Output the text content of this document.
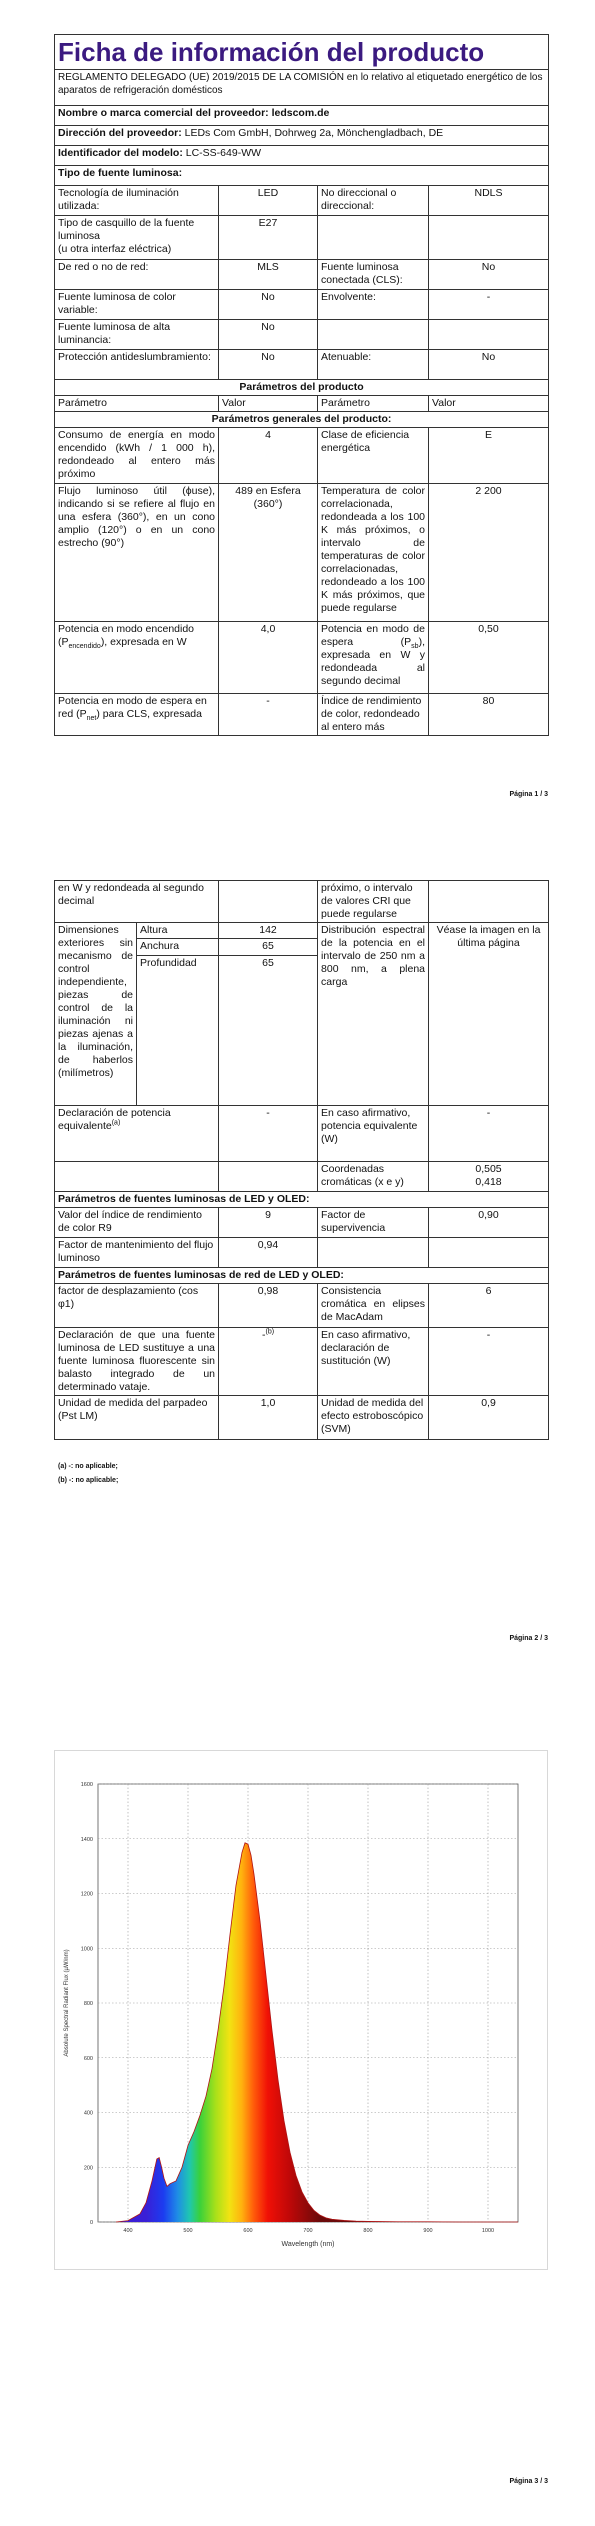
Ficha de información del producto			
REGLAMENTO DELEGADO (UE) 2019/2015 DE LA COMISIÓN en lo relativo al etiquetado energético de los aparatos de refrigeración domésticos			
Nombre o marca comercial del proveedor: ledscom.de			
Dirección del proveedor: LEDs Com GmbH, Dohrweg 2a, Mönchengladbach, DE			
Identificador del modelo: LC-SS-649-WW			
Tipo de fuente luminosa:			
Tecnología de iluminación utilizada:	LED	No direccional o direccional:	NDLS
Tipo de casquillo de la fuente luminosa
(u otra interfaz eléctrica)	E27		
De red o no de red:	MLS	Fuente luminosa conectada (CLS):	No
Fuente luminosa de color variable:	No	Envolvente:	-
Fuente luminosa de alta luminancia:	No		
Protección antideslumbramiento:	No	Atenuable:	No
Parámetros del producto			
Parámetro	Valor	Parámetro	Valor
Parámetros generales del producto:			
Consumo de energía en modo encendido (kWh / 1 000 h), redondeado al entero más próximo	4	Clase de eficiencia energética	E
Flujo luminoso útil (ϕuse), indicando si se refiere al flujo en una esfera (360°), en un cono amplio (120°) o en un cono estrecho (90°)	489 en Esfera (360°)	Temperatura de color correlacionada, redondeada a los 100 K más próximos, o intervalo de temperaturas de color correlacionadas, redondeado a los 100 K más próximos, que puede regularse	2 200
Potencia en modo encendido $(P_{encendido})$, expresada en W	4,0	Potencia en modo de espera $(P_{sb})$, expresada en W y redondeada al segundo decimal	0,50
Potencia en modo de espera en red $(P_{net})$ para CLS, expresada	-	Índice de rendimiento de color, redondeado al entero más	80
Página 1 / 3
en W y redondeada al segundo decimal			próximo, o intervalo de valores CRI que puede regularse	
Dimensiones exteriores sin mecanismo de control independiente, piezas de control de la iluminación ni piezas ajenas a la iluminación, de haberlos (milímetros)	Altura	142	Distribución espectral de la potencia en el intervalo de 250 nm a 800 nm, a plena carga	Véase la imagen en la última página
	Anchura	65		
	Profundidad	65		
Declaración de potencia equivalente$^{(a)}$		-	En caso afirmativo, potencia equivalente (W)	-
			Coordenadas cromáticas (x e y)	0,505
0,418

Parámetros de fuentes luminosas de LED y OLED:				
Valor del índice de rendimiento de color R9		9	Factor de supervivencia	0,90
Factor de mantenimiento del flujo luminoso		0,94		
Parámetros de fuentes luminosas de red de LED y OLED:				
factor de desplazamiento (cos φ1)		0,98	Consistencia cromática en elipses de MacAdam	6
Declaración de que una fuente luminosa de LED sustituye a una fuente luminosa fluorescente sin balasto integrado de un determinado vataje.		-$^{(b)}$	En caso afirmativo, declaración de sustitución (W)	-
Unidad de medida del parpadeo (Pst LM)		1,0	Unidad de medida del efecto estroboscópico (SVM)	0,9
(a) -: no aplicable;
(b) -: no aplicable;
Página 2 / 3
0
200
400
600
800
1000
1200
1400
1600
400	500	600	700	800	900	1000
Wavelength (nm)
Absolute Spectral Radiant Flux (µW/nm)
Página 3 / 3
